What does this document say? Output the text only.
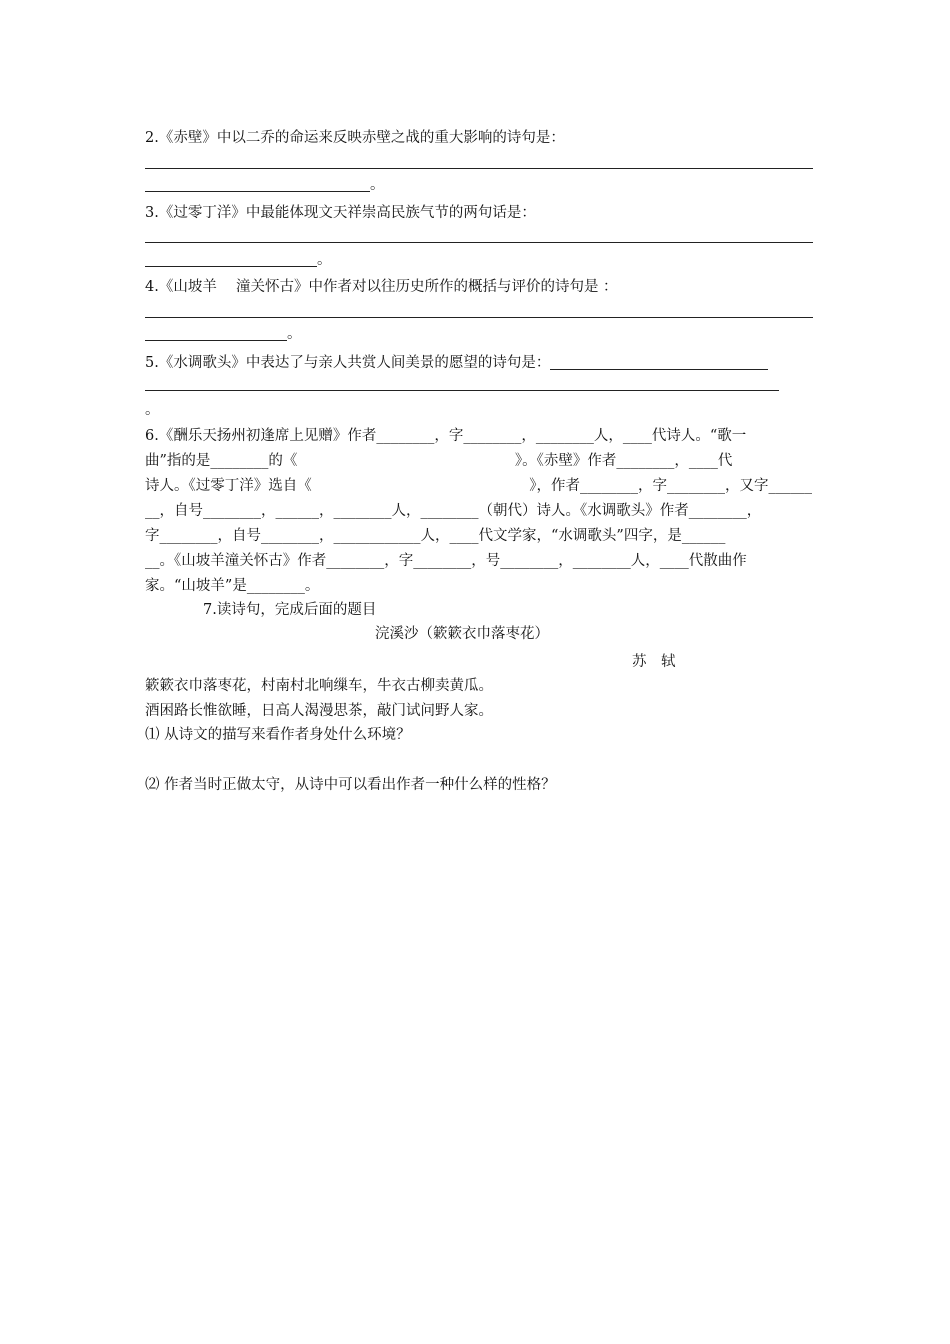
2.《赤壁》中以二乔的命运来反映赤壁之战的重大影响的诗句是：
。
3.《过零丁洋》中最能体现文天祥崇高民族气节的两句话是：
。
4.《山坡羊　 潼关怀古》中作者对以往历史所作的概括与评价的诗句是 ：
。
5.《水调歌头》中表达了与亲人共赏人间美景的愿望的诗句是：
。
6.《酬乐天扬州初逢席上见赠》作者________，字________，________人，____代诗人。“歌一
曲”指的是________的《　　　　　　　　　　　　　　　》。《赤壁》作者________，____代
诗人。《过零丁洋》选自《　　　　　　　　　　　　　　　》，作者________，字________，又字______
__，自号________，______，________人，________（朝代）诗人。《水调歌头》作者________，
字________，自号________，____________人，____代文学家，“水调歌头”四字，是______
__。《山坡羊潼关怀古》作者________，字________，号________，________人，____代散曲作
家。“山坡羊”是________。
7.读诗句，完成后面的题目
浣溪沙（簌簌衣巾落枣花）
苏　轼
簌簌衣巾落枣花，村南村北响缫车，牛衣古柳卖黄瓜。
酒困路长惟欲睡，日高人渴漫思茶，敲门试问野人家。
⑴ 从诗文的描写来看作者身处什么环境？
⑵ 作者当时正做太守，从诗中可以看出作者一种什么样的性格？
